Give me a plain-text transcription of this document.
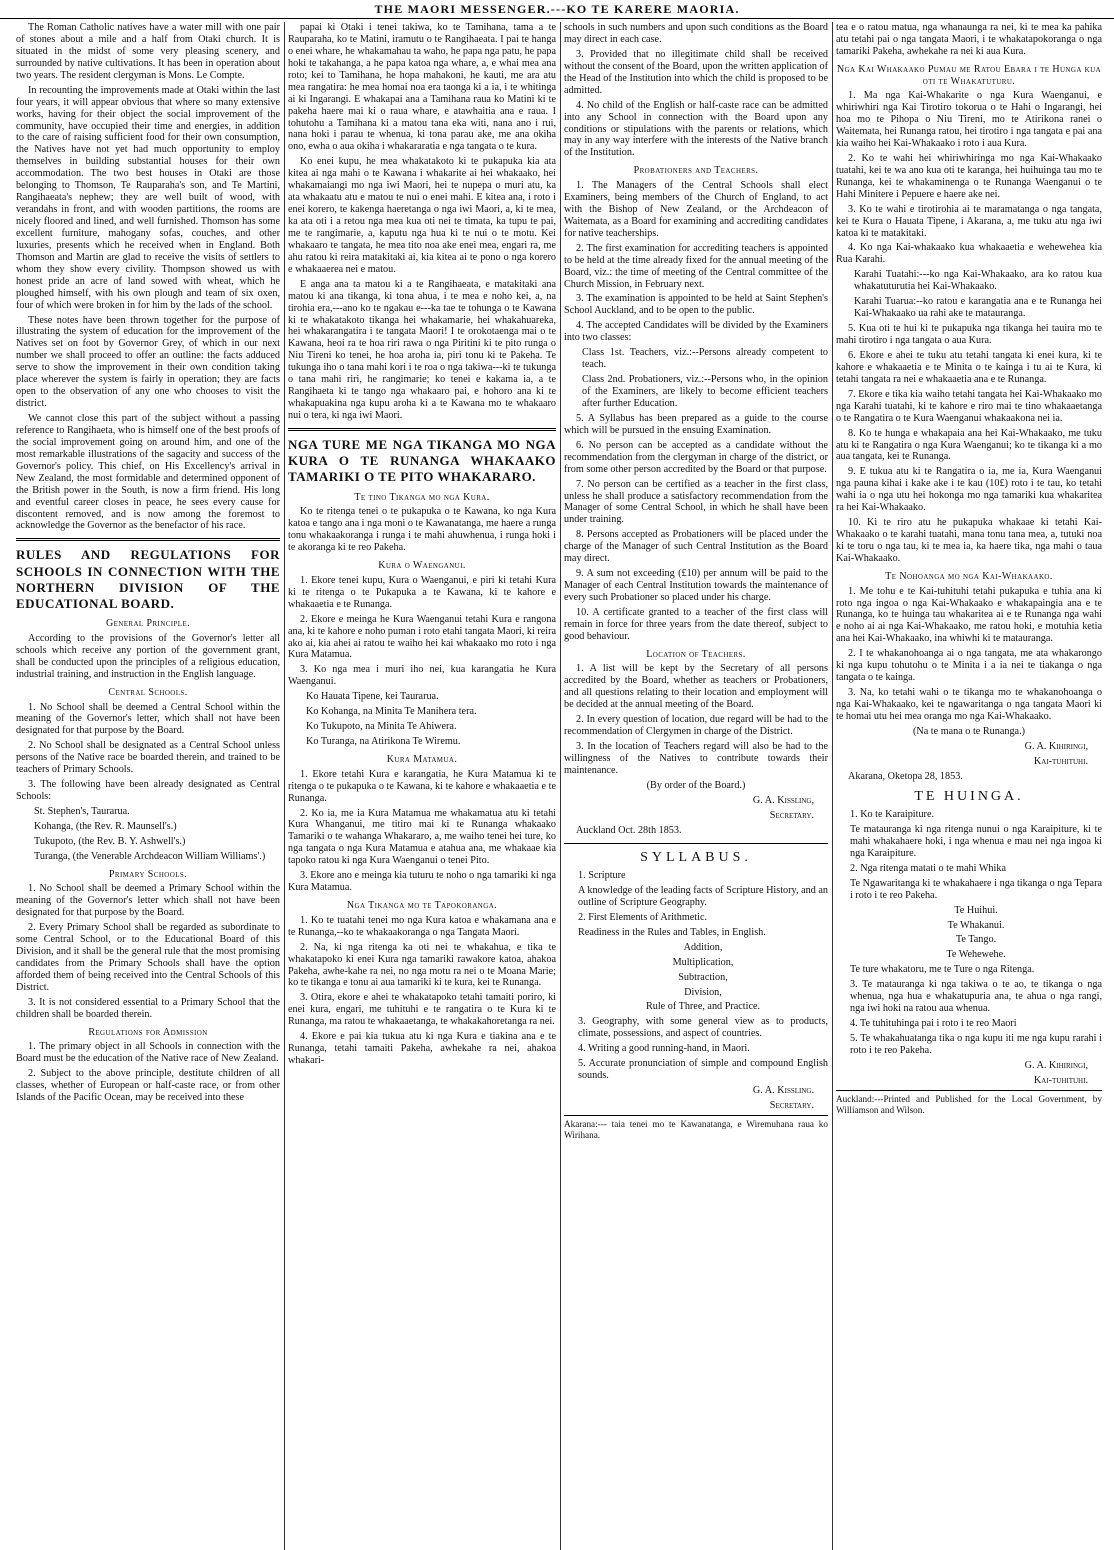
THE MAORI MESSENGER.---KO TE KARERE MAORIA.

The Roman Catholic natives have a water mill with one pair of stones about a mile and a half from Otaki church. It is situated in the midst of some very pleasing scenery, and surrounded by native cultivations. It has been in operation about two years. The resident clergyman is Mons. Le Compte.

In recounting the improvements made at Otaki within the last four years, it will appear obvious that where so many extensive works, having for their object the social improvement of the community, have occupied their time and energies, in addition to the care of raising sufficient food for their own consumption, the Natives have not yet had much opportunity to employ themselves in building substantial houses for their own accommodation. The two best houses in Otaki are those belonging to Thomson, Te Rauparaha's son, and Te Martini, Rangihaeata's nephew; they are well built of wood, with verandahs in front, and with wooden partitions, the rooms are nicely floored and lined, and well furnished. Thomson has some excellent furniture, mahogany sofas, couches, and other luxuries, presents which he received when in England. Both Thomson and Martin are glad to receive the visits of settlers to whom they show every civility. Thompson showed us with honest pride an acre of land sowed with wheat, which he ploughed himself, with his own plough and team of six oxen, four of which were broken in for him by the lads of the school.

These notes have been thrown together for the purpose of illustrating the system of education for the improvement of the Natives set on foot by Governor Grey, of which in our next number we shall proceed to offer an outline: the facts adduced serve to show the improvement in their own condition taking place wherever the system is fairly in operation; they are facts open to the observation of any one who chooses to visit the district.

We cannot close this part of the subject without a passing reference to Rangihaeta, who is himself one of the best proofs of the social improvement going on around him, and one of the most remarkable illustrations of the sagacity and success of the Governor's policy. This chief, on His Excellency's arrival in New Zealand, the most formidable and determined opponent of the British power in the South, is now a firm friend. His long and eventful career closes in peace, he sees every cause for discontent removed, and is now among the foremost to acknowledge the Governor as the benefactor of his race.

RULES AND REGULATIONS FOR SCHOOLS IN CONNECTION WITH THE NORTHERN DIVISION OF THE EDUCATIONAL BOARD.

General Principle.

According to the provisions of the Governor's letter all schools which receive any portion of the government grant, shall be conducted upon the principles of a religious education, industrial training, and instruction in the English language.

Central Schools.

1. No School shall be deemed a Central School within the meaning of the Governor's letter, which shall not have been designated for that purpose by the Board.

2. No School shall be designated as a Central School unless persons of the Native race be boarded therein, and trained to be teachers of Primary Schools.

3. The following have been already designated as Central Schools:

St. Stephen's, Taurarua.

Kohanga, (the Rev. R. Maunsell's.)

Tukupoto, (the Rev. B. Y. Ashwell's.)

Turanga, (the Venerable Archdeacon William Williams'.)

Primary Schools.

1. No School shall be deemed a Primary School within the meaning of the Governor's letter which shall not have been designated for that purpose by the Board.

2. Every Primary School shall be regarded as subordinate to some Central School, or to the Educational Board of this Division, and it shall be the general rule that the most promising candidates from the Primary Schools shall have the option afforded them of being received into the Central Schools of this District.

3. It is not considered essential to a Primary School that the children shall be boarded therein.

Regulations for Admission

1. The primary object in all Schools in connection with the Board must be the education of the Native race of New Zealand.

2. Subject to the above principle, destitute children of all classes, whether of European or half-caste race, or from other Islands of the Pacific Ocean, may be received into these

papai ki Otaki i tenei takiwa, ko te Tamihana, tama a te Rauparaha, ko te Matini, iramutu o te Rangihaeata. I pai te hanga o enei whare, he whakamahau ta waho, he papa nga patu, he papa hoki te takahanga, a he papa katoa nga whare, a, e whai mea ana roto; kei to Tamihana, he hopa mahakoni, he kauti, me ara atu mea rangatira: he mea homai noa era taonga ki a ia, i te whitinga ai ki Ingarangi. E whakapai ana a Tamihana raua ko Matini ki te pakeha haere mai ki o raua whare, e atawhaitia ana e raua. I tohutohu a Tamihana ki a matou tana eka witi, nana ano i rui, nana hoki i parau te whenua, ki tona parau ake, me ana okiha ono, ewha o aua okiha i whakararatia e nga tangata o te kura.

Ko enei kupu, he mea whakatakoto ki te pukapuka kia ata kitea ai nga mahi o te Kawana i whakarite ai hei whakaako, hei whakamaiangi mo nga iwi Maori, hei te nupepa o muri atu, ka ata whakaatu atu e matou te nui o enei mahi. E kitea ana, i roto i enei korero, te kakenga haeretanga o nga iwi Maori, a, ki te mea, ka ata oti i a retou nga mea kua oti nei te timata, ka tupu te pai, me te rangimarie, a, kaputu nga hua ki te nui o te motu. Kei whakaaro te tangata, he mea tito noa ake enei mea, engari ra, me ahu ratou ki reira matakitaki ai, kia kitea ai te pono o nga korero e whakaaerea nei e matou.

E anga ana ta matou ki a te Rangihaeata, e matakitaki ana matou ki ana tikanga, ki tona ahua, i te mea e noho kei, a, na tirohia era,---ano ko te ngakau e---ka tae te tohunga o te Kawana ki te whakatakoto tikanga hei whakamarie, hei whakahuareka, hei whakarangatira i te tangata Maori! I te orokotaenga mai o te Kawana, heoi ra te hoa riri rawa o nga Piritini ki te pito runga o Niu Tireni ko tenei, he hoa aroha ia, piri tonu ki te Pakeha. Te tukunga iho o tana mahi kori i te roa o nga takiwa---ki te tukunga o tana mahi riri, he rangimarie; ko tenei e kakama ia, a te Rangihaeta ki te tango nga whakaaro pai, e hohoro ana ki te whakapuakina nga kupu aroha ki a te Kawana mo te whakaaro nui o tera, ki nga iwi Maori.

NGA TURE ME NGA TIKANGA MO NGA KURA O TE RUNANGA WHAKAAKO TAMARIKI O TE PITO WHAKARARO.

Te tino Tikanga mo nga Kura.

Ko te ritenga tenei o te pukapuka o te Kawana, ko nga Kura katoa e tango ana i nga moni o te Kawanatanga, me haere a runga tonu whakaakoranga i runga i te mahi ahuwhenua, i runga hoki i te akoranga ki te reo Pakeha.

Kura o Waenganui.

1. Ekore tenei kupu, Kura o Waenganui, e piri ki tetahi Kura ki te ritenga o te Pukapuka a te Kawana, ki te kahore e whakaaetia e te Runanga.

2. Ekore e meinga he Kura Waenganui tetahi Kura e rangona ana, ki te kahore e noho puman i roto etahi tangata Maori, ki reira ako ai, kia ahei ai ratou te waiho hei kai whakaako mo roto i nga Kura Matamua.

3. Ko nga mea i muri iho nei, kua karangatia he Kura Waenganui.

Ko Hauata Tipene, kei Taurarua.

Ko Kohanga, na Minita Te Manihera tera.

Ko Tukupoto, na Minita Te Ahiwera.

Ko Turanga, na Atirikona Te Wiremu.

Kura Matamua.

1. Ekore tetahi Kura e karangatia, he Kura Matamua ki te ritenga o te pukapuka o te Kawana, ki te kahore e whakaaetia e te Runanga.

2. Ko ia, me ia Kura Matamua me whakamatua atu ki tetahi Kura Whanganui, me titiro mai ki te Runanga whakaako Tamariki o te wahanga Whakararo, a, me waiho tenei hei ture, ko nga tangata o nga Kura Matamua e atahua ana, me whakaae kia tapoko ratou ki nga Kura Waenganui o tenei Pito.

3. Ekore ano e meinga kia tuturu te noho o nga tamariki ki nga Kura Matamua.

Nga Tikanga mo te Tapokoranga.

1. Ko te tuatahi tenei mo nga Kura katoa e whakamana ana e te Runanga,--ko te whakaakoranga o nga Tangata Maori.

2. Na, ki nga ritenga ka oti nei te whakahua, e tika te whakatapoko ki enei Kura nga tamariki rawakore katoa, ahakoa Pakeha, awhe-kahe ra nei, no nga motu ra nei o te Moana Marie; ko te tikanga e tonu ai aua tamariki ki te kura, kei te Runanga.

3. Otira, ekore e ahei te whakatapoko tetahi tamaiti poriro, ki enei kura, engari, me tuhituhi e te rangatira o te Kura ki te Runanga, ma ratou te whakaaetanga, te whakakahoretanga ra nei.

4. Ekore e pai kia tukua atu ki nga Kura e tiakina ana e te Runanga, tetahi tamaiti Pakeha, awhekahe ra nei, ahakoa whakari-

schools in such numbers and upon such conditions as the Board may direct in each case.

3. Provided that no illegitimate child shall be received without the consent of the Board, upon the written application of the Head of the Institution into which the child is proposed to be admitted.

4. No child of the English or half-caste race can be admitted into any School in connection with the Board upon any conditions or stipulations with the parents or relations, which may in any way interfere with the interests of the Native branch of the Institution.

Probationers and Teachers.

1. The Managers of the Central Schools shall elect Examiners, being members of the Church of England, to act with the Bishop of New Zealand, or the Archdeacon of Waitemata, as a Board for examining and accrediting candidates for native teacherships.

2. The first examination for accrediting teachers is appointed to be held at the time already fixed for the annual meeting of the Board, viz.: the time of meeting of the Central committee of the Church Mission, in February next.

3. The examination is appointed to be held at Saint Stephen's School Auckland, and to be open to the public.

4. The accepted Candidates will be divided by the Examiners into two classes:

Class 1st. Teachers, viz.:--Persons already competent to teach.

Class 2nd. Probationers, viz.:--Persons who, in the opinion of the Examiners, are likely to become efficient teachers after further Education.

5. A Syllabus has been prepared as a guide to the course which will be pursued in the ensuing Examination.

6. No person can be accepted as a candidate without the recommendation from the clergyman in charge of the district, or from some other person accredited by the Board or that purpose.

7. No person can be certified as a teacher in the first class, unless he shall produce a satisfactory recommendation from the Manager of some Central School, in which he shall have been under training.

8. Persons accepted as Probationers will be placed under the charge of the Manager of such Central Institution as the Board may direct.

9. A sum not exceeding (£10) per annum will be paid to the Manager of each Central Institution towards the maintenance of every such Probationer so placed under his charge.

10. A certificate granted to a teacher of the first class will remain in force for three years from the date thereof, subject to good behaviour.

Location of Teachers.

1. A list will be kept by the Secretary of all persons accredited by the Board, whether as teachers or Probationers, and all questions relating to their location and employment will be decided at the annual meeting of the Board.

2. In every question of location, due regard will be had to the recommendation of Clergymen in charge of the District.

3. In the location of Teachers regard will also be had to the willingness of the Natives to contribute towards their maintenance.

(By order of the Board.)

G. A. Kissling,

Secretary.

Auckland Oct. 28th 1853.

SYLLABUS.

1. Scripture

A knowledge of the leading facts of Scripture History, and an outline of Scripture Geography.

2. First Elements of Arithmetic.

Readiness in the Rules and Tables, in English.

Addition,

Multiplication,

Subtraction,

Division,

Rule of Three, and Practice.

3. Geography, with some general view as to products, climate, possessions, and aspect of countries.

4. Writing a good running-hand, in Maori.

5. Accurate pronunciation of simple and compound English sounds.

G. A. Kissling.

Secretary.

Akarana:--- taia tenei mo te Kawanatanga, e Wiremuhana raua ko Wirihana.

tea e o ratou matua, nga whanaunga ra nei, ki te mea ka pahika atu tetahi pai o nga tangata Maori, i te whakatapokoranga o nga tamariki Pakeha, awhekahe ra nei ki aua Kura.

Nga Kai Whakaako Pumau me Ratou Ebara i te Hunga kua oti te Whakatuturu.

1. Ma nga Kai-Whakarite o nga Kura Waenganui, e whiriwhiri nga Kai Tirotiro tokorua o te Hahi o Ingarangi, hei hoa mo te Pihopa o Niu Tireni, mo te Atirikona ranei o Waitemata, hei Runanga ratou, hei tirotiro i nga tangata e pai ana kia waiho hei Kai-Whakaako i roto i aua Kura.

2. Ko te wahi hei whiriwhiringa mo nga Kai-Whakaako tuatahi, kei te wa ano kua oti te karanga, hei huihuinga tau mo te Runanga, kei te whakaminenga o te Runanga Waenganui o te Hahi Minitere i Pepuere e haere ake nei.

3. Ko te wahi e tirotirohia ai te maramatanga o nga tangata, kei te Kura o Hauata Tipene, i Akarana, a, me tuku atu nga iwi katoa ki te matakitaki.

4. Ko nga Kai-whakaako kua whakaaetia e wehewehea kia Rua Karahi.

Karahi Tuatahi:---ko nga Kai-Whakaako, ara ko ratou kua whakatuturutia hei Kai-Whakaako.

Karahi Tuarua:--ko ratou e karangatia ana e te Runanga hei Kai-Whakaako ua rahi ake te matauranga.

5. Kua oti te hui ki te pukapuka nga tikanga hei tauira mo te mahi tirotiro i nga tangata o aua Kura.

6. Ekore e ahei te tuku atu tetahi tangata ki enei kura, ki te kahore e whakaaetia e te Minita o te kainga i tu ai te Kura, ki tetahi tangata ra nei e whakaaetia ana e te Runanga.

7. Ekore e tika kia waiho tetahi tangata hei Kai-Whakaako mo nga Karahi tuatahi, ki te kahore e riro mai te tino whakaaetanga o te Rangatira o te Kura Waenganui whakaakona nei ia.

8. Ko te hunga e whakapaia ana hei Kai-Whakaako, me tuku atu ki te Rangatira o nga Kura Waenganui; ko te tikanga ki a mo aua tangata, kei te Runanga.

9. E tukua atu ki te Rangatira o ia, me ia, Kura Waenganui nga pauna kihai i kake ake i te kau (10£) roto i te tau, ko tetahi wahi ia o nga utu hei hokonga mo nga tamariki kua whakaritea ra hei Kai-Whakaako.

10. Ki te riro atu he pukapuka whakaae ki tetahi Kai-Whakaako o te karahi tuatahi, mana tonu tana mea, a, tutuki noa ki te toru o nga tau, ki te mea ia, ka haere tika, nga mahi o taua Kai-Whakaako.

Te Nohoanga mo nga Kai-Whakaako.

1. Me tohu e te Kai-tuhituhi tetahi pukapuka e tuhia ana ki roto nga ingoa o nga Kai-Whakaako e whakapaingia ana e te Runanga, ko te huinga tau whakaritea ai e te Runanga nga wahi e noho ai ai nga Kai-Whakaako, me ratou hoki, e motuhia ketia ana hei Kai-Whakaako, ina whiwhi ki te matauranga.

2. I te whakanohoanga ai o nga tangata, me ata whakarongo ki nga kupu tohutohu o te Minita i a ia nei te tiakanga o nga tangata o te kainga.

3. Na, ko tetahi wahi o te tikanga mo te whakanohoanga o nga Kai-Whakaako, kei te ngawaritanga o nga tangata Maori ki te homai utu hei mea oranga mo nga Kai-Whakaako.

(Na te mana o te Runanga.)

G. A. Kihiringi,

Kai-tuhituhi.

Akarana, Oketopa 28, 1853.

TE HUINGA.

1. Ko te Karaipiture.

Te matauranga ki nga ritenga nunui o nga Karaipiture, ki te mahi whakahaere hoki, i nga whenua e mau nei nga ingoa ki nga Karaipiture.

2. Nga ritenga matati o te mahi Whika

Te Ngawaritanga ki te whakahaere i nga tikanga o nga Tepara i roto i te reo Pakeha.

Te Huihui.

Te Whakanui.

Te Tango.

Te Wehewehe.

Te ture whakatoru, me te Ture o nga Ritenga.

3. Te matauranga ki nga takiwa o te ao, te tikanga o nga whenua, nga hua e whakatupuria ana, te ahua o nga rangi, nga iwi hoki na ratou aua whenua.

4. Te tuhituhinga pai i roto i te reo Maori

5. Te whakahuatanga tika o nga kupu iti me nga kupu rarahi i roto i te reo Pakeha.

G. A. Kihiringi,

Kai-tuhituhi.

Auckland:---Printed and Published for the Local Government, by Williamson and Wilson.
